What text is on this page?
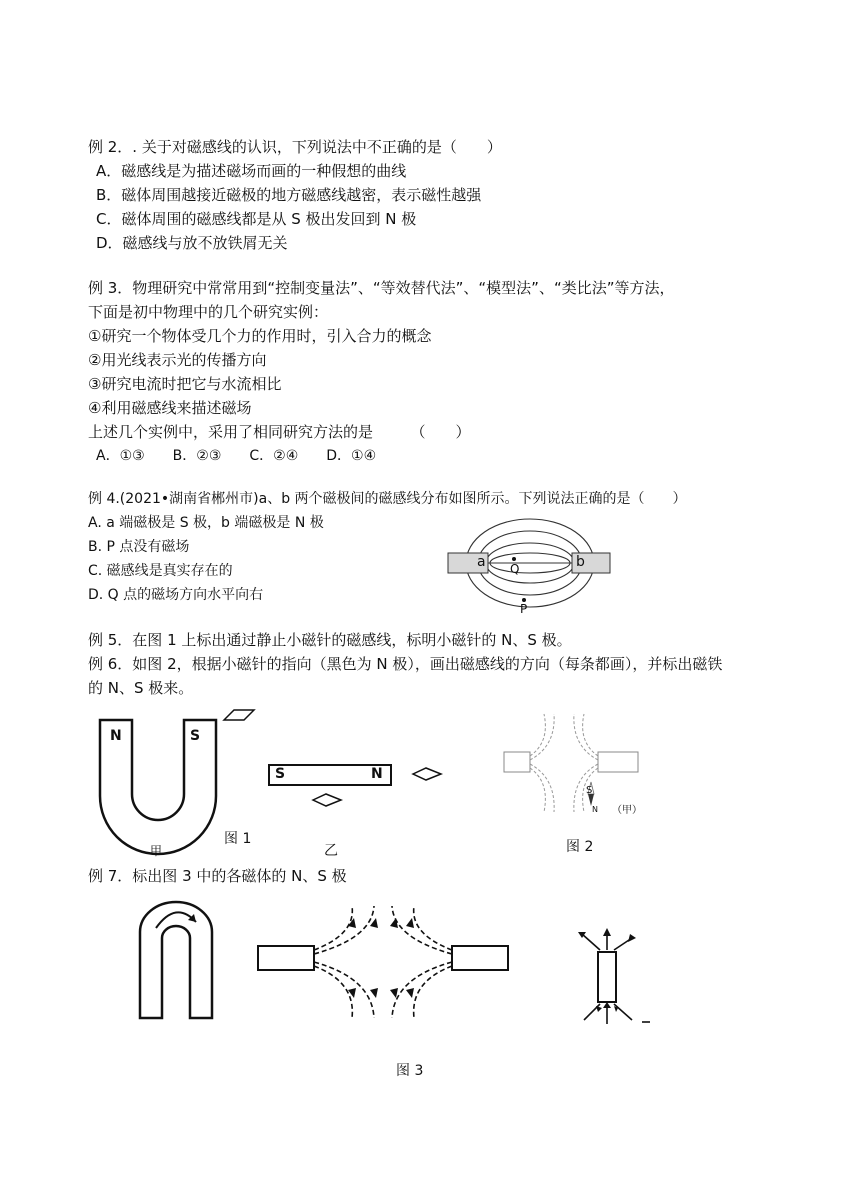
例 2．. 关于对磁感线的认识，下列说法中不正确的是（　　）
A．磁感线是为描述磁场而画的一种假想的曲线
B．磁体周围越接近磁极的地方磁感线越密，表示磁性越强
C．磁体周围的磁感线都是从 S 极出发回到 N 极
D．磁感线与放不放铁屑无关
例 3．物理研究中常常用到“控制变量法”、“等效替代法”、“模型法”、“类比法”等方法，
下面是初中物理中的几个研究实例：
①研究一个物体受几个力的作用时，引入合力的概念
②用光线表示光的传播方向
③研究电流时把它与水流相比
④利用磁感线来描述磁场
上述几个实例中，采用了相同研究方法的是　　　（　　）
A．①③　　B．②③　　C．②④　　D．①④
例 4.(2021•湖南省郴州市)a、b 两个磁极间的磁感线分布如图所示。下列说法正确的是（　　）
A. a 端磁极是 S 极，b 端磁极是 N 极
B. P 点没有磁场
C. 磁感线是真实存在的
D. Q 点的磁场方向水平向右
a	b
Q
P
例 5．在图 1 上标出通过静止小磁针的磁感线，标明小磁针的 N、S 极。
例 6．如图 2，根据小磁针的指向（黑色为 N 极），画出磁感线的方向（每条都画），并标出磁铁
的 N、S 极来。
N	S
甲
S	N
图 1
乙
S
N （甲）
图 2
例 7．标出图 3 中的各磁体的 N、S 极
图 3
